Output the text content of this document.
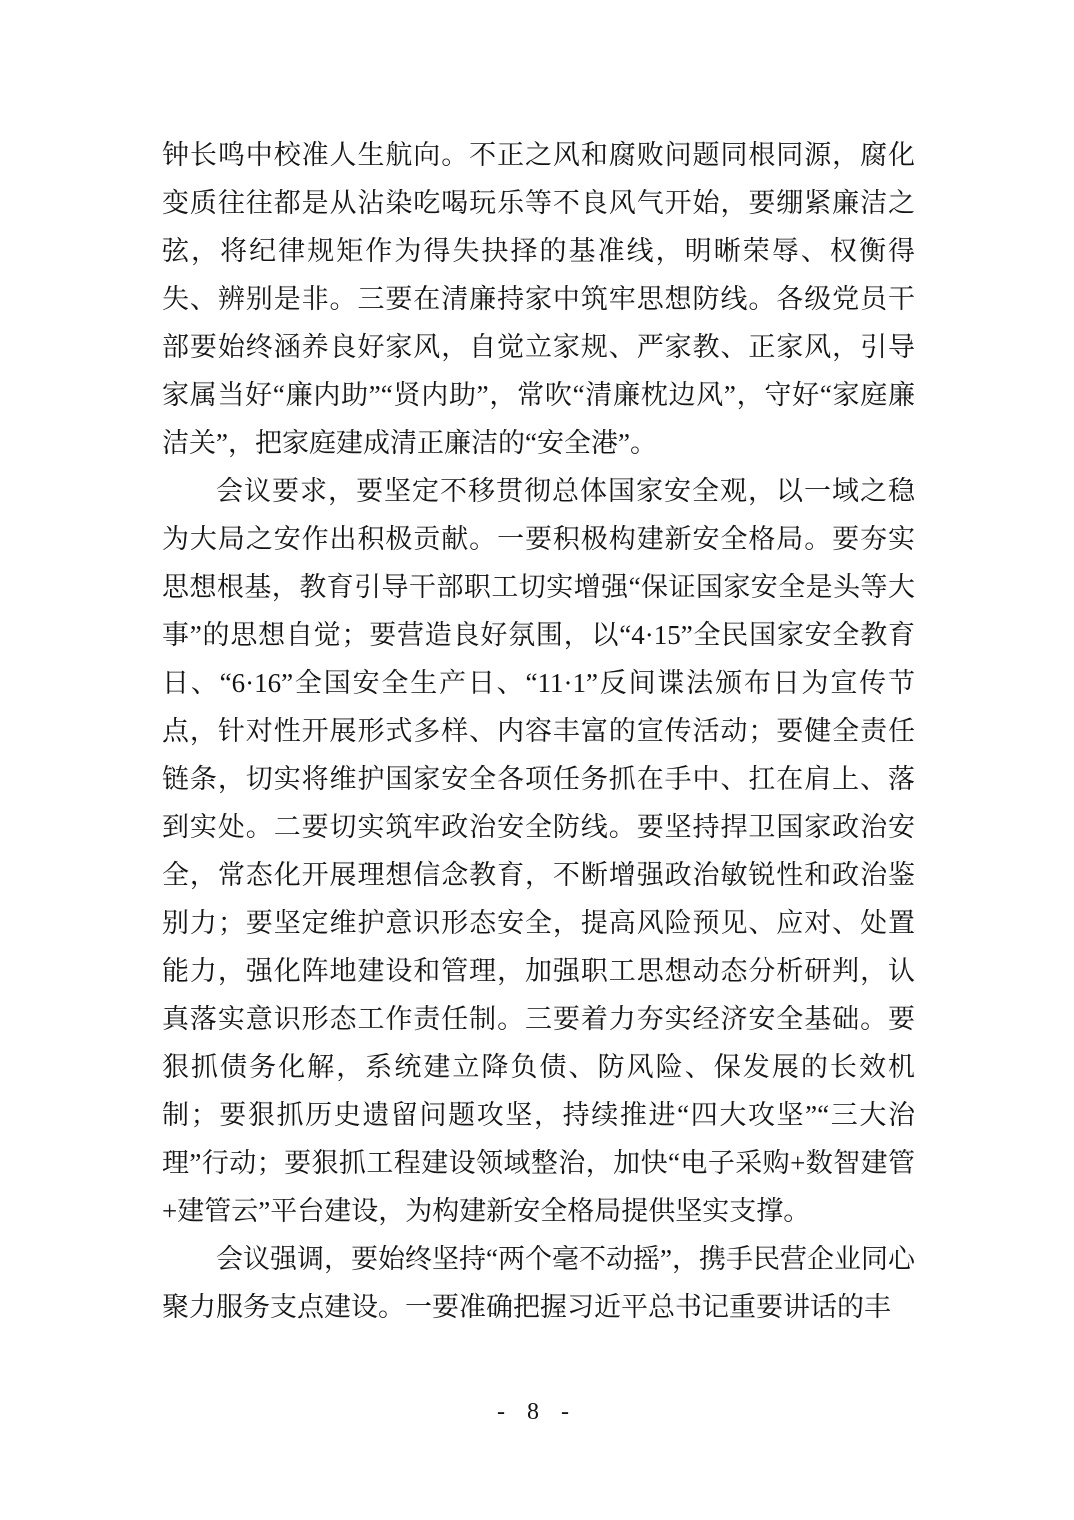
钟长鸣中校准人生航向。不正之风和腐败问题同根同源，腐化变质往往都是从沾染吃喝玩乐等不良风气开始，要绷紧廉洁之弦，将纪律规矩作为得失抉择的基准线，明晰荣辱、权衡得失、辨别是非。三要在清廉持家中筑牢思想防线。各级党员干部要始终涵养良好家风，自觉立家规、严家教、正家风，引导家属当好“廉内助”“贤内助”，常吹“清廉枕边风”，守好“家庭廉洁关”，把家庭建成清正廉洁的“安全港”。

会议要求，要坚定不移贯彻总体国家安全观，以一域之稳为大局之安作出积极贡献。一要积极构建新安全格局。要夯实思想根基，教育引导干部职工切实增强“保证国家安全是头等大事”的思想自觉；要营造良好氛围，以“4·15”全民国家安全教育日、“6·16”全国安全生产日、“11·1”反间谍法颁布日为宣传节点，针对性开展形式多样、内容丰富的宣传活动；要健全责任链条，切实将维护国家安全各项任务抓在手中、扛在肩上、落到实处。二要切实筑牢政治安全防线。要坚持捍卫国家政治安全，常态化开展理想信念教育，不断增强政治敏锐性和政治鉴别力；要坚定维护意识形态安全，提高风险预见、应对、处置能力，强化阵地建设和管理，加强职工思想动态分析研判，认真落实意识形态工作责任制。三要着力夯实经济安全基础。要狠抓债务化解，系统建立降负债、防风险、保发展的长效机制；要狠抓历史遗留问题攻坚，持续推进“四大攻坚”“三大治理”行动；要狠抓工程建设领域整治，加快“电子采购+数智建管+建管云”平台建设，为构建新安全格局提供坚实支撑。

会议强调，要始终坚持“两个毫不动摇”，携手民营企业同心聚力服务支点建设。一要准确把握习近平总书记重要讲话的丰

- 8 -
